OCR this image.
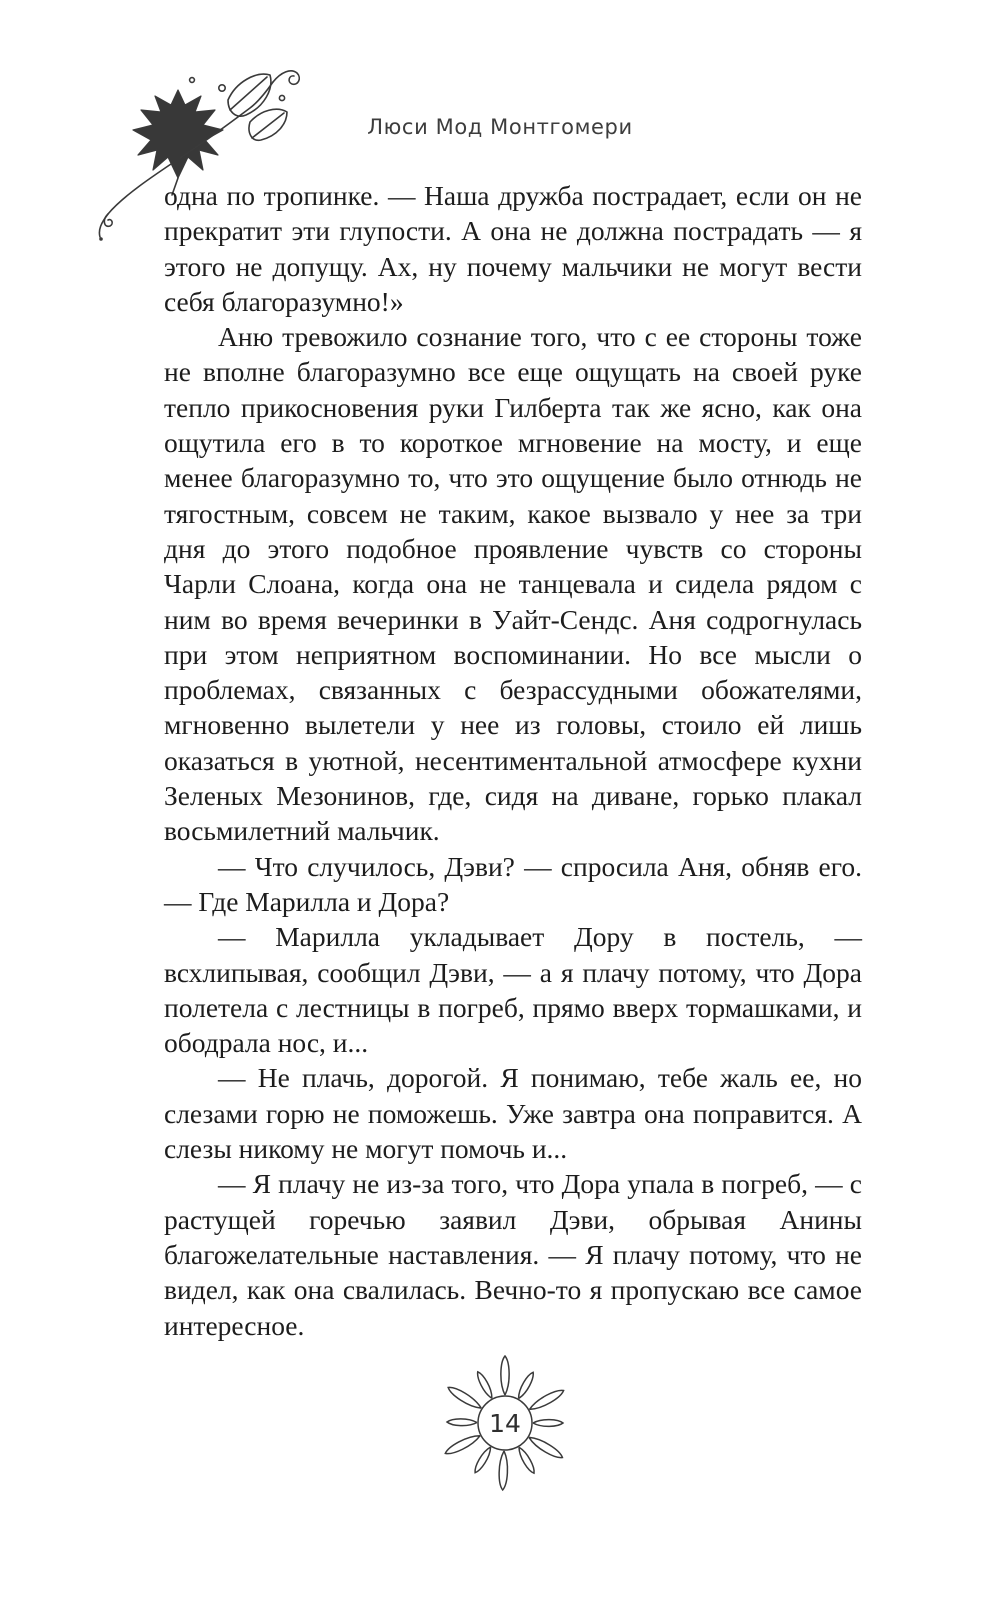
Люси Мод Монтгомери

одна по тропинке. — Наша дружба пострадает, если он не прекратит эти глупости. А она не должна пострадать — я этого не допущу. Ах, ну почему мальчики не могут вести себя благоразумно!»

Аню тревожило сознание того, что с ее стороны тоже не вполне благоразумно все еще ощущать на своей руке тепло прикосновения руки Гилберта так же ясно, как она ощутила его в то короткое мгновение на мосту, и еще менее благоразумно то, что это ощущение было отнюдь не тягостным, совсем не таким, какое вызвало у нее за три дня до этого подобное проявление чувств со стороны Чарли Слоана, когда она не танцевала и сидела рядом с ним во время вечеринки в Уайт-Сендс. Аня содрогнулась при этом неприятном воспоминании. Но все мысли о проблемах, связанных с безрассудными обожателями, мгновенно вылетели у нее из головы, стоило ей лишь оказаться в уютной, несентиментальной атмосфере кухни Зеленых Мезонинов, где, сидя на диване, горько плакал восьмилетний мальчик.

— Что случилось, Дэви? — спросила Аня, обняв его. — Где Марилла и Дора?

— Марилла укладывает Дору в постель, — всхлипывая, сообщил Дэви, — а я плачу потому, что Дора полетела с лестницы в погреб, прямо вверх тормашками, и ободрала нос, и...

— Не плачь, дорогой. Я понимаю, тебе жаль ее, но слезами горю не поможешь. Уже завтра она поправится. А слезы никому не могут помочь и...

— Я плачу не из-за того, что Дора упала в погреб, — с растущей горечью заявил Дэви, обрывая Анины благожелательные наставления. — Я плачу потому, что не видел, как она свалилась. Вечно-то я пропускаю все самое интересное.

14
